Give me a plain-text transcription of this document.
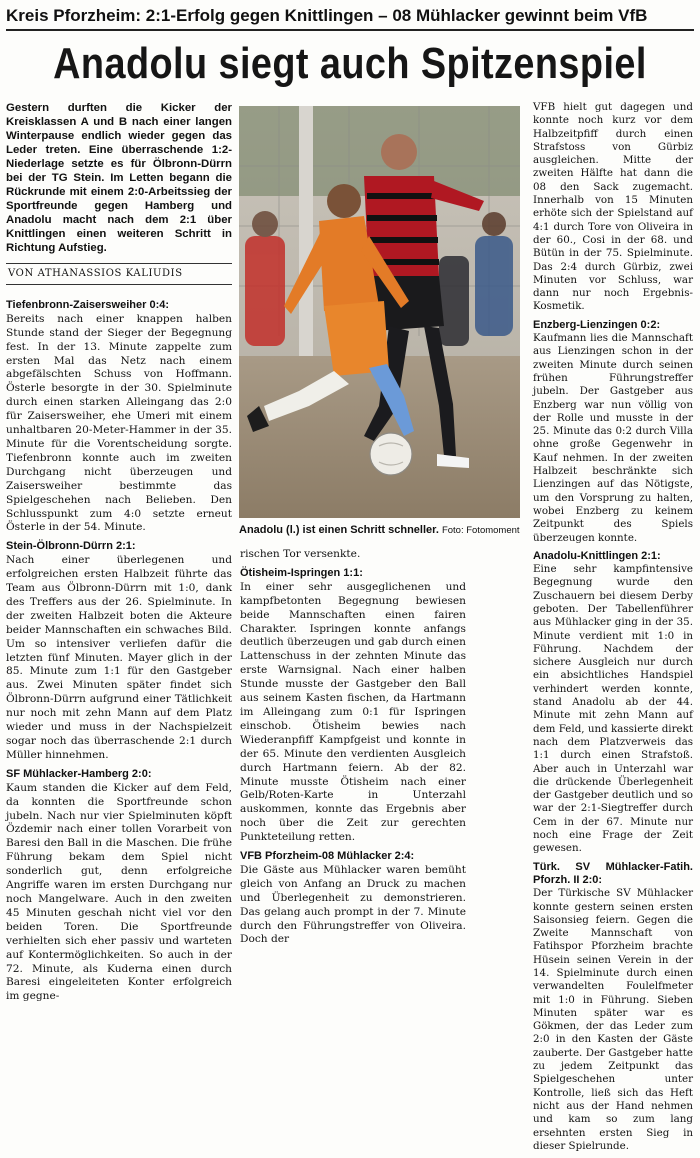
Kreis Pforzheim: 2:1-Erfolg gegen Knittlingen – 08 Mühlacker gewinnt beim VfB
Anadolu siegt auch Spitzenspiel
Gestern durften die Kicker der Kreisklassen A und B nach einer langen Winterpause endlich wieder gegen das Leder treten. Eine überraschende 1:2-Niederlage setzte es für Ölbronn-Dürrn bei der TG Stein. Im Letten begann die Rückrunde mit einem 2:0-Arbeitssieg der Sportfreunde gegen Hamberg und Anadolu macht nach dem 2:1 über Knittlingen einen weiteren Schritt in Richtung Aufstieg.
VON ATHANASSIOS KALIUDIS

Tiefenbronn-Zaisersweiher 0:4:
Bereits nach einer knappen halben Stunde stand der Sieger der Begegnung fest. In der 13. Minute zappelte zum ersten Mal das Netz nach einem abgefälschten Schuss von Hoffmann. Österle besorgte in der 30. Spielminute durch einen starken Alleingang das 2:0 für Zaisersweiher, ehe Umeri mit einem unhaltbaren 20-Meter-Hammer in der 35. Minute für die Vorentscheidung sorgte. Tiefenbronn konnte auch im zweiten Durchgang nicht überzeugen und Zaisersweiher bestimmte das Spielgeschehen nach Belieben. Den Schlusspunkt zum 4:0 setzte erneut Österle in der 54. Minute.

Stein-Ölbronn-Dürrn 2:1:
Nach einer überlegenen und erfolgreichen ersten Halbzeit führte das Team aus Ölbronn-Dürrn mit 1:0, dank des Treffers aus der 26. Spielminute. In der zweiten Halbzeit boten die Akteure beider Mannschaften ein schwaches Bild. Um so intensiver verliefen dafür die letzten fünf Minuten. Mayer glich in der 85. Minute zum 1:1 für den Gastgeber aus. Zwei Minuten später findet sich Ölbronn-Dürrn aufgrund einer Tätlichkeit nur noch mit zehn Mann auf dem Platz wieder und muss in der Nachspielzeit sogar noch das überraschende 2:1 durch Müller hinnehmen.

SF Mühlacker-Hamberg 2:0:
Kaum standen die Kicker auf dem Feld, da konnten die Sportfreunde schon jubeln. Nach nur vier Spielminuten köpft Özdemir nach einer tollen Vorarbeit von Baresi den Ball in die Maschen. Die frühe Führung bekam dem Spiel nicht sonderlich gut, denn erfolgreiche Angriffe waren im ersten Durchgang nur noch Mangelware. Auch in den zweiten 45 Minuten geschah nicht viel vor den beiden Toren. Die Sportfreunde verhielten sich eher passiv und warteten auf Kontermöglichkeiten. So auch in der 72. Minute, als Kuderna einen durch Baresi eingeleiteten Konter erfolgreich im gegne-

Anadolu (l.) ist einen Schritt schneller. Foto: Fotomoment

rischen Tor versenkte.

Ötisheim-Ispringen 1:1:
In einer sehr ausgeglichenen und kampfbetonten Begegnung bewiesen beide Mannschaften einen fairen Charakter. Ispringen konnte anfangs deutlich überzeugen und gab durch einen Lattenschuss in der zehnten Minute das erste Warnsignal. Nach einer halben Stunde musste der Gastgeber den Ball aus seinem Kasten fischen, da Hartmann im Alleingang zum 0:1 für Ispringen einschob. Ötisheim bewies nach Wiederanpfiff Kampfgeist und konnte in der 65. Minute den verdienten Ausgleich durch Hartmann feiern. Ab der 82. Minute musste Ötisheim nach einer Gelb/Roten-Karte in Unterzahl auskommen, konnte das Ergebnis aber noch über die Zeit zur gerechten Punkteteilung retten.

VFB Pforzheim-08 Mühlacker 2:4:
Die Gäste aus Mühlacker waren bemüht gleich von Anfang an Druck zu machen und Überlegenheit zu demonstrieren. Das gelang auch prompt in der 7. Minute durch den Führungstreffer von Oliveira. Doch der

VFB hielt gut dagegen und konnte noch kurz vor dem Halbzeitpfiff durch einen Strafstoss von Gürbiz ausgleichen. Mitte der zweiten Hälfte hat dann die 08 den Sack zugemacht. Innerhalb von 15 Minuten erhöte sich der Spielstand auf 4:1 durch Tore von Oliveira in der 60., Cosi in der 68. und Bütün in der 75. Spielminute. Das 2:4 durch Gürbiz, zwei Minuten vor Schluss, war dann nur noch Ergebnis-Kosmetik.

Enzberg-Lienzingen 0:2:
Kaufmann lies die Mannschaft aus Lienzingen schon in der zweiten Minute durch seinen frühen Führungstreffer jubeln. Der Gastgeber aus Enzberg war nun völlig von der Rolle und musste in der 25. Minute das 0:2 durch Villa ohne große Gegenwehr in Kauf nehmen. In der zweiten Halbzeit beschränkte sich Lienzingen auf das Nötigste, um den Vorsprung zu halten, wobei Enzberg zu keinem Zeitpunkt des Spiels überzeugen konnte.

Anadolu-Knittlingen 2:1:
Eine sehr kampfintensive Begegnung wurde den Zuschauern bei diesem Derby geboten. Der Tabellenführer aus Mühlacker ging in der 35. Minute verdient mit 1:0 in Führung. Nachdem der sichere Ausgleich nur durch ein absichtliches Handspiel verhindert werden konnte, stand Anadolu ab der 44. Minute mit zehn Mann auf dem Feld, und kassierte direkt nach dem Platzverweis das 1:1 durch einen Strafstoß. Aber auch in Unterzahl war die drückende Überlegenheit der Gastgeber deutlich und so war der 2:1-Siegtreffer durch Cem in der 67. Minute nur noch eine Frage der Zeit gewesen.

Türk. SV Mühlacker-Fatih. Pforzh. II 2:0:
Der Türkische SV Mühlacker konnte gestern seinen ersten Saisonsieg feiern. Gegen die Zweite Mannschaft von Fatihspor Pforzheim brachte Hüsein seinen Verein in der 14. Spielminute durch einen verwandelten Foulelfmeter mit 1:0 in Führung. Sieben Minuten später war es Gökmen, der das Leder zum 2:0 in den Kasten der Gäste zauberte. Der Gastgeber hatte zu jedem Zeitpunkt das Spielgeschehen unter Kontrolle, ließ sich das Heft nicht aus der Hand nehmen und kam so zum lang ersehnten ersten Sieg in dieser Spielrunde.
